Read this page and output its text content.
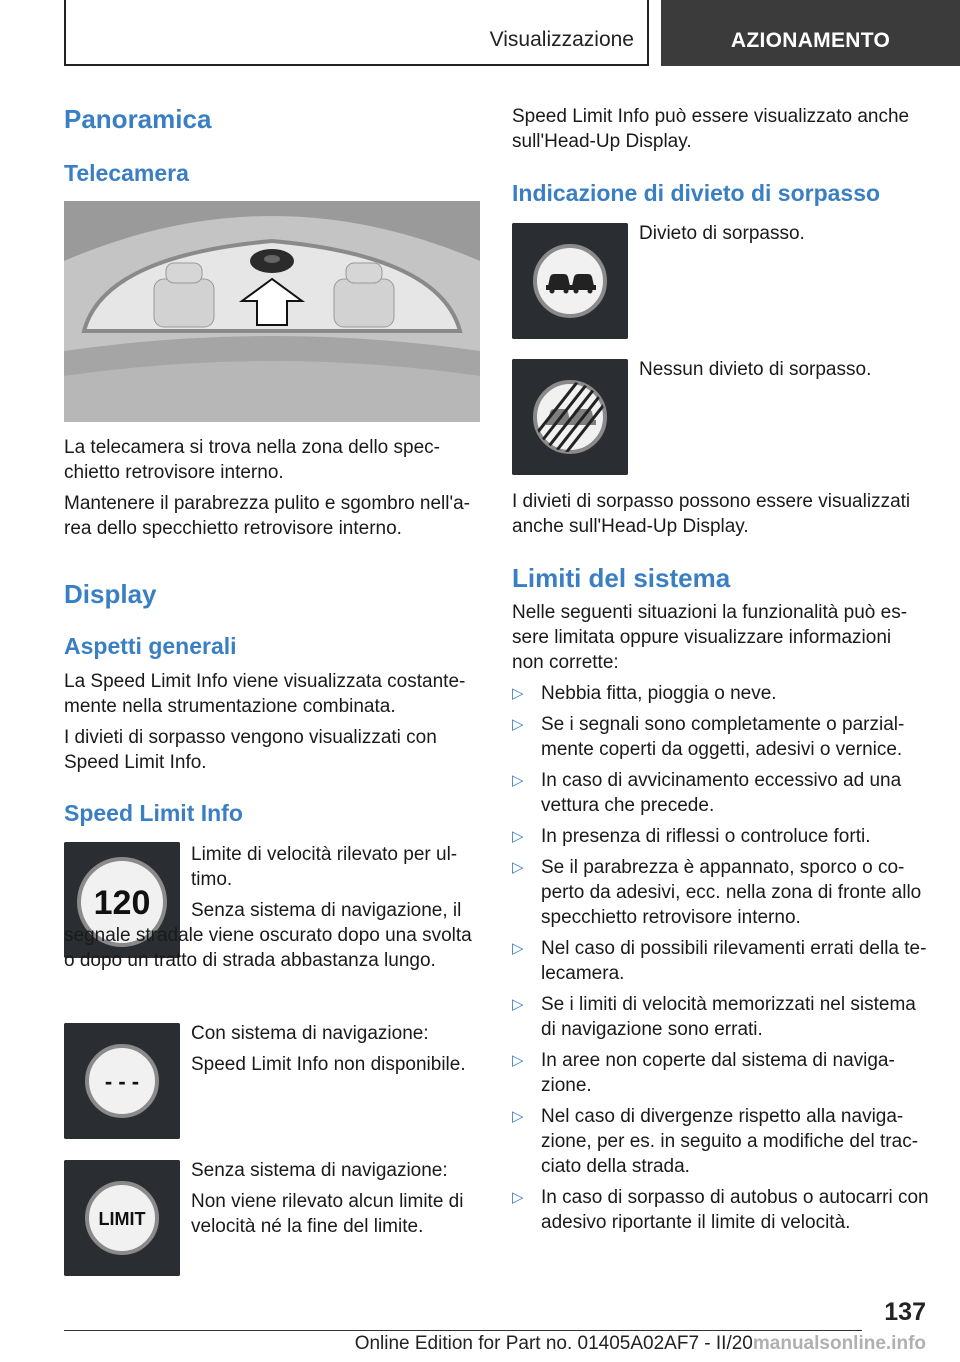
Visualizzazione	AZIONAMENTO
Panoramica
Telecamera

La telecamera si trova nella zona dello spec-chietto retrovisore interno.

Mantenere il parabrezza pulito e sgombro nell'a-rea dello specchietto retrovisore interno.

Display
Aspetti generali

La Speed Limit Info viene visualizzata costante-mente nella strumentazione combinata.

I divieti di sorpasso vengono visualizzati con Speed Limit Info.

Speed Limit Info
120

Limite di velocità rilevato per ul-timo.

Senza sistema di navigazione, il segnale stradale viene oscurato dopo una svolta o dopo un tratto di strada abbastanza lungo.

- - -

Con sistema di navigazione:

Speed Limit Info non disponibile.

LIMIT

Senza sistema di navigazione:

Non viene rilevato alcun limite di velocità né la fine del limite.

Speed Limit Info può essere visualizzato anche sull'Head-Up Display.

Indicazione di divieto di sorpasso

Divieto di sorpasso.

Nessun divieto di sorpasso.

I divieti di sorpasso possono essere visualizzati anche sull'Head-Up Display.

Limiti del sistema

Nelle seguenti situazioni la funzionalità può es-sere limitata oppure visualizzare informazioni non corrette:

▷ Nebbia fitta, pioggia o neve.
▷ Se i segnali sono completamente o parzial-mente coperti da oggetti, adesivi o vernice.
▷ In caso di avvicinamento eccessivo ad una vettura che precede.
▷ In presenza di riflessi o controluce forti.
▷ Se il parabrezza è appannato, sporco o co-perto da adesivi, ecc. nella zona di fronte allo specchietto retrovisore interno.
▷ Nel caso di possibili rilevamenti errati della te-lecamera.
▷ Se i limiti di velocità memorizzati nel sistema di navigazione sono errati.
▷ In aree non coperte dal sistema di naviga-zione.
▷ Nel caso di divergenze rispetto alla naviga-zione, per es. in seguito a modifiche del trac-ciato della strada.
▷ In caso di sorpasso di autobus o autocarri con adesivo riportante il limite di velocità.
137
Online Edition for Part no. 01405A02AF7 - II/20manualsonline.info
